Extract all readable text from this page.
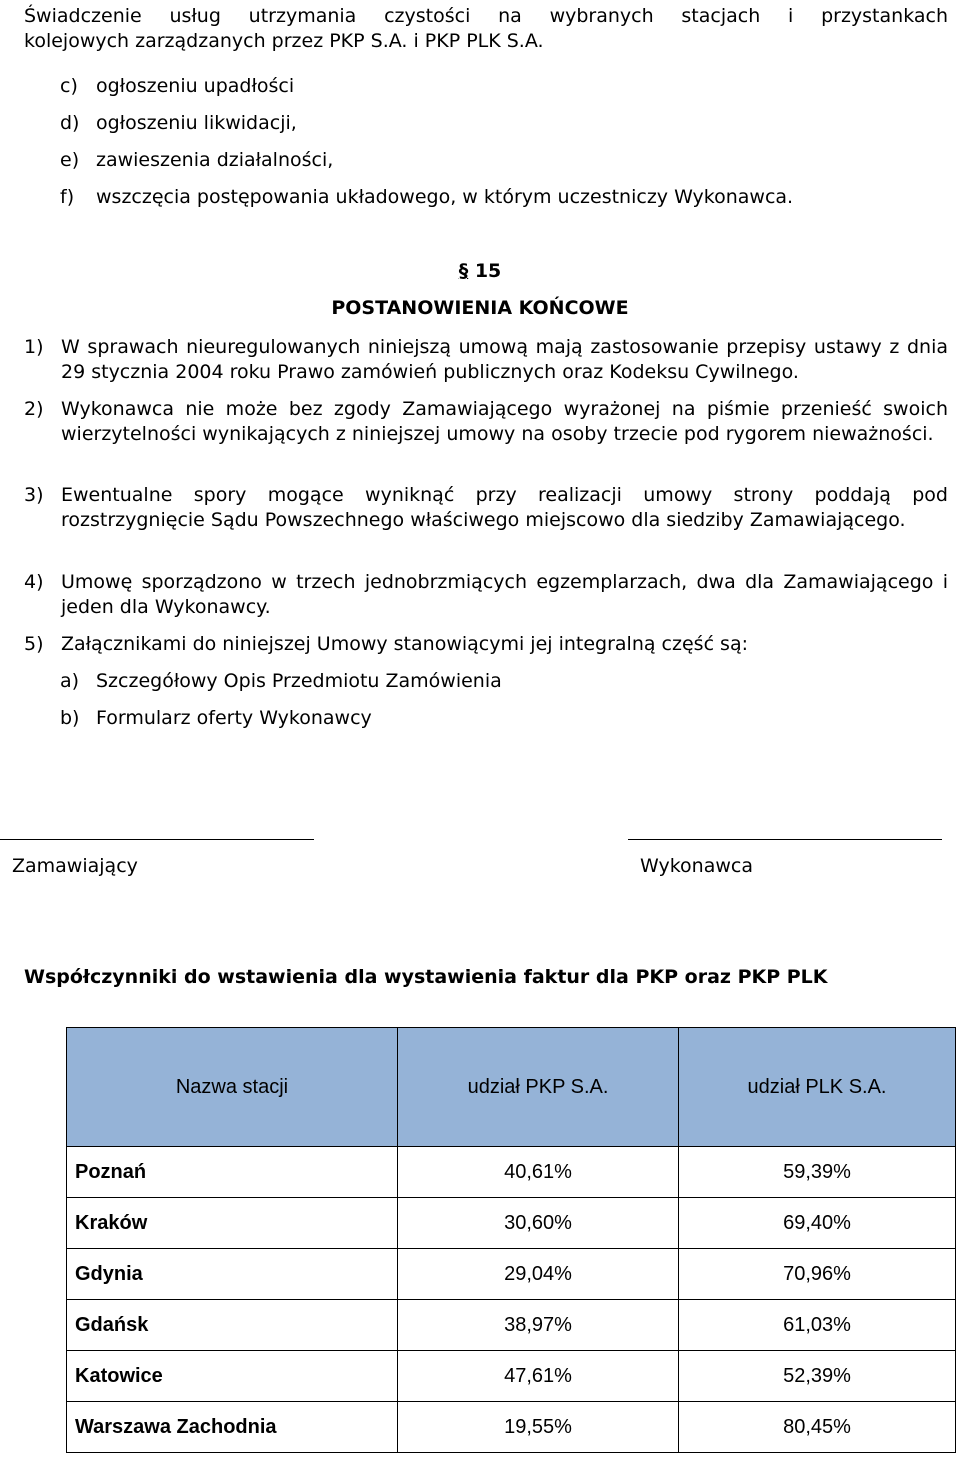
Świadczenie usług utrzymania czystości na wybranych stacjach i przystankach
kolejowych zarządzanych przez PKP S.A. i PKP PLK S.A.
c) ogłoszeniu upadłości
d) ogłoszeniu likwidacji,
e) zawieszenia działalności,
f) wszczęcia postępowania układowego, w którym uczestniczy Wykonawca.
§ 15
POSTANOWIENIA KOŃCOWE
1) W sprawach nieuregulowanych niniejszą umową mają zastosowanie przepisy ustawy z dnia 29 stycznia 2004 roku Prawo zamówień publicznych oraz Kodeksu Cywilnego.
2) Wykonawca nie może bez zgody Zamawiającego wyrażonej na piśmie przenieść swoich wierzytelności wynikających z niniejszej umowy na osoby trzecie pod rygorem nieważności.
3) Ewentualne spory mogące wyniknąć przy realizacji umowy strony poddają pod rozstrzygnięcie Sądu Powszechnego właściwego miejscowo dla siedziby Zamawiającego.
4) Umowę sporządzono w trzech jednobrzmiących egzemplarzach, dwa dla Zamawiającego i jeden dla Wykonawcy.
5) Załącznikami do niniejszej Umowy stanowiącymi jej integralną część są:
a) Szczegółowy Opis Przedmiotu Zamówienia
b) Formularz oferty Wykonawcy
Zamawiający	Wykonawca
Współczynniki do wstawienia dla wystawienia faktur dla PKP oraz PKP PLK
Nazwa stacji	udział PKP S.A.	udział PLK S.A.
Poznań	40,61%	59,39%
Kraków	30,60%	69,40%
Gdynia	29,04%	70,96%
Gdańsk	38,97%	61,03%
Katowice	47,61%	52,39%
Warszawa Zachodnia	19,55%	80,45%
